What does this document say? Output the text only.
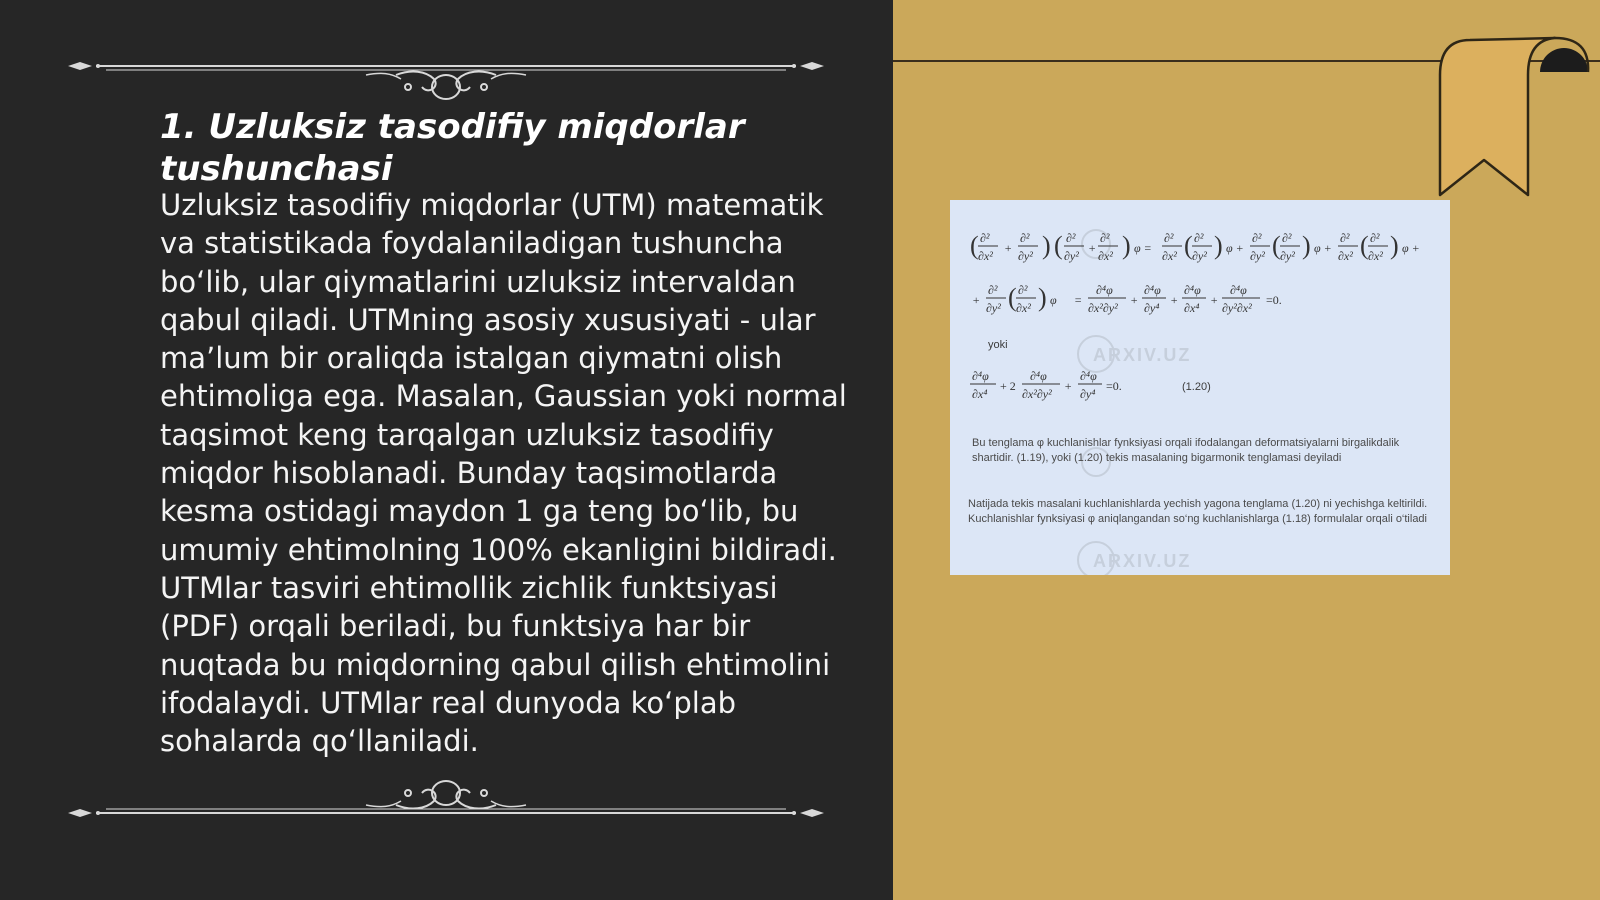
1. Uzluksiz tasodifiy miqdorlar tushunchasi

Uzluksiz tasodifiy miqdorlar (UTM) matematik va statistikada foydalaniladigan tushuncha bo‘lib, ular qiymatlarini uzluksiz intervaldan qabul qiladi. UTMning asosiy xususiyati - ular ma’lum bir oraliqda istalgan qiymatni olish ehtimoliga ega. Masalan, Gaussian yoki normal taqsimot keng tarqalgan uzluksiz tasodifiy miqdor hisoblanadi. Bunday taqsimotlarda kesma ostidagi maydon 1 ga teng bo‘lib, bu umumiy ehtimolning 100% ekanligini bildiradi. UTMlar tasviri ehtimollik zichlik funktsiyasi (PDF) orqali beriladi, bu funktsiya har bir nuqtada bu miqdorning qabul qilish ehtimolini ifodalaydi. UTMlar real dunyoda ko‘plab sohalarda qo‘llaniladi.

ARXIV.UZ
ARXIV.UZ
∂²
∂x²
+
∂²
∂y²
( ) ( ∂²
∂y²
+
∂²
∂x² ) φ =
∂²
∂x² ( ∂²
∂y² ) φ +
∂²
∂y² ( ∂²
∂y² ) φ +
∂²
∂x² ( ∂²
∂x² ) φ +
+
∂²
∂y² ( ∂²
∂x² ) φ =
∂⁴φ
∂x²∂y²
+
∂⁴φ
∂y⁴
+
∂⁴φ
∂x⁴
+
∂⁴φ
∂y²∂x²
=0.
yoki
∂⁴φ
∂x⁴
+ 2
∂⁴φ
∂x²∂y²
+
∂⁴φ
∂y⁴
=0.	(1.20)
Bu tenglama φ kuchlanishlar fynksiyasi orqali ifodalangan deformatsiyalarni birgalikdalik shartidir. (1.19), yoki (1.20) tekis masalaning bigarmonik tenglamasi deyiladi
Natijada tekis masalani kuchlanishlarda yechish yagona tenglama (1.20) ni yechishga keltirildi. Kuchlanishlar fynksiyasi φ aniqlangandan so‘ng kuchlanishlarga (1.18) formulalar orqali o‘tiladi
